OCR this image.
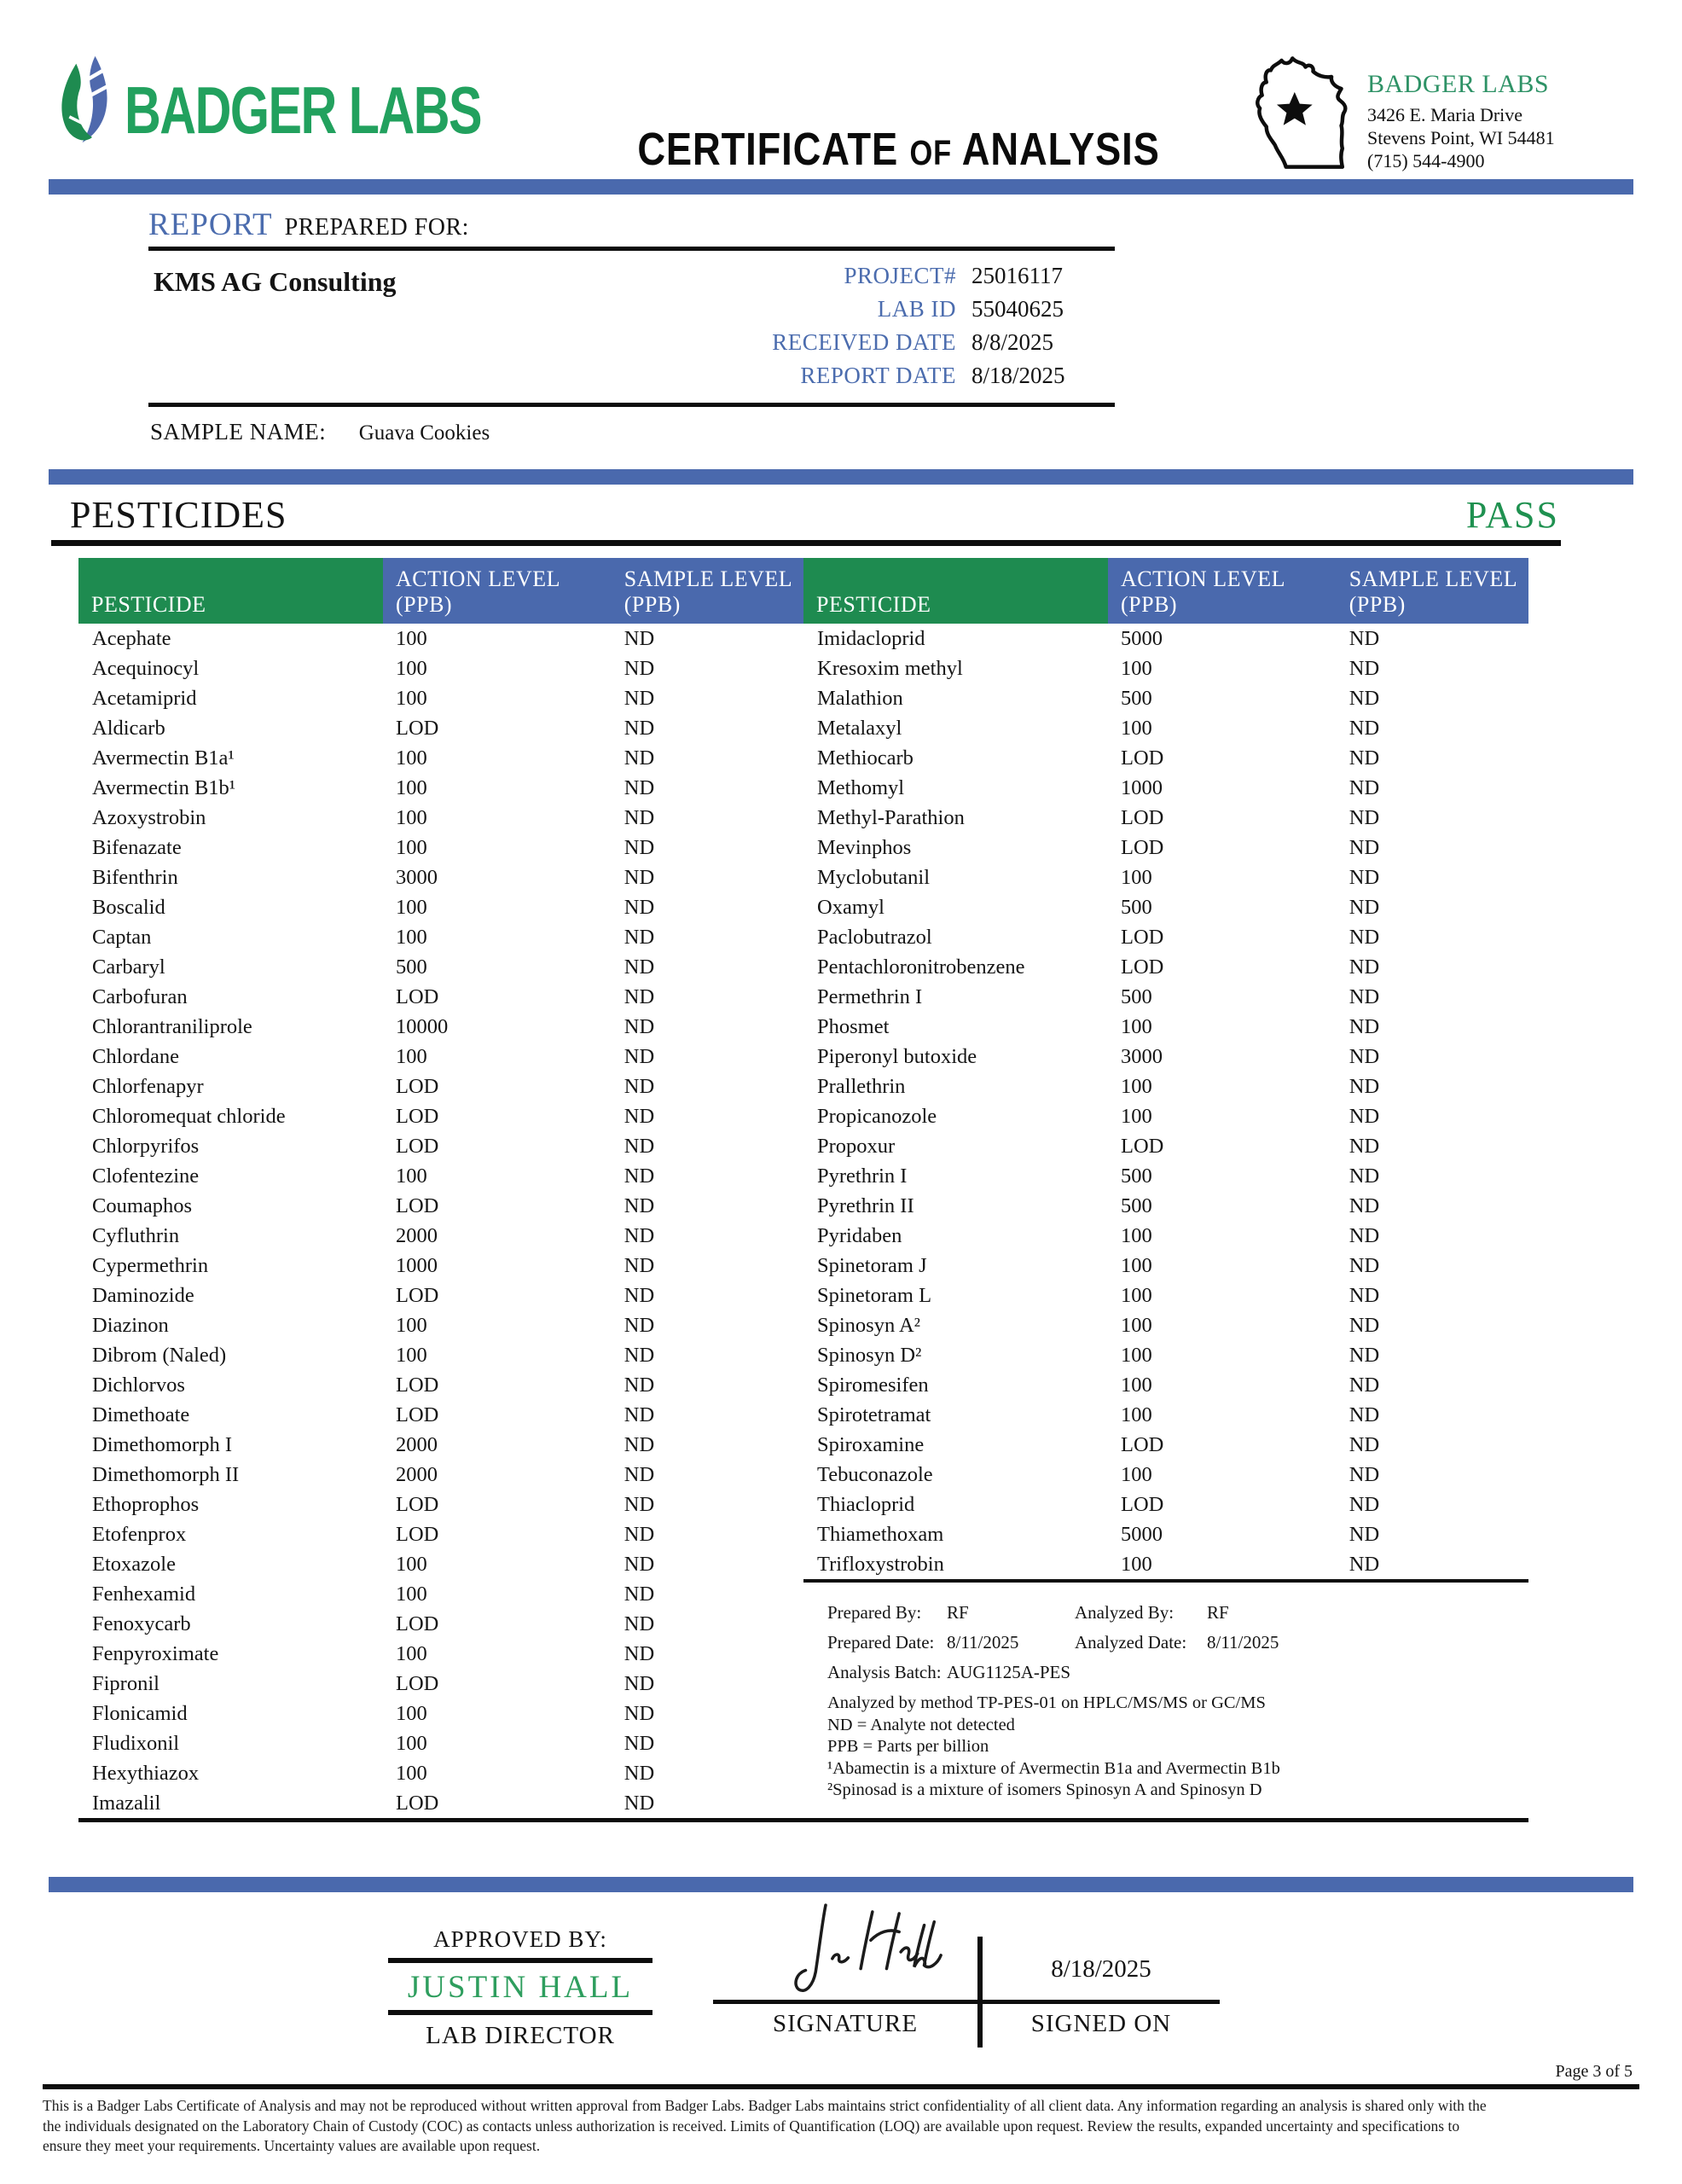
BADGER LABS
CERTIFICATE OF ANALYSIS
BADGER LABS
3426 E. Maria Drive
Stevens Point, WI 54481
(715) 544-4900
REPORT PREPARED FOR:
KMS AG Consulting	PROJECT# 25016117
LAB ID 55040625
RECEIVED DATE 8/8/2025
REPORT DATE 8/18/2025
SAMPLE NAME: Guava Cookies
PESTICIDES	PASS
PESTICIDE
ACTION LEVEL
(PPB)
SAMPLE LEVEL
(PPB)
Acephate	100	ND
Acequinocyl	100	ND
Acetamiprid	100	ND
Aldicarb	LOD	ND
Avermectin B1a¹	100	ND
Avermectin B1b¹	100	ND
Azoxystrobin	100	ND
Bifenazate	100	ND
Bifenthrin	3000	ND
Boscalid	100	ND
Captan	100	ND
Carbaryl	500	ND
Carbofuran	LOD	ND
Chlorantraniliprole	10000	ND
Chlordane	100	ND
Chlorfenapyr	LOD	ND
Chloromequat chloride	LOD	ND
Chlorpyrifos	LOD	ND
Clofentezine	100	ND
Coumaphos	LOD	ND
Cyfluthrin	2000	ND
Cypermethrin	1000	ND
Daminozide	LOD	ND
Diazinon	100	ND
Dibrom (Naled)	100	ND
Dichlorvos	LOD	ND
Dimethoate	LOD	ND
Dimethomorph I	2000	ND
Dimethomorph II	2000	ND
Ethoprophos	LOD	ND
Etofenprox	LOD	ND
Etoxazole	100	ND
Fenhexamid	100	ND
Fenoxycarb	LOD	ND
Fenpyroximate	100	ND
Fipronil	LOD	ND
Flonicamid	100	ND
Fludixonil	100	ND
Hexythiazox	100	ND
Imazalil	LOD	ND
PESTICIDE
ACTION LEVEL
(PPB)
SAMPLE LEVEL
(PPB)
Imidacloprid	5000	ND
Kresoxim methyl	100	ND
Malathion	500	ND
Metalaxyl	100	ND
Methiocarb	LOD	ND
Methomyl	1000	ND
Methyl-Parathion	LOD	ND
Mevinphos	LOD	ND
Myclobutanil	100	ND
Oxamyl	500	ND
Paclobutrazol	LOD	ND
Pentachloronitrobenzene	LOD	ND
Permethrin I	500	ND
Phosmet	100	ND
Piperonyl butoxide	3000	ND
Prallethrin	100	ND
Propicanozole	100	ND
Propoxur	LOD	ND
Pyrethrin I	500	ND
Pyrethrin II	500	ND
Pyridaben	100	ND
Spinetoram J	100	ND
Spinetoram L	100	ND
Spinosyn A²	100	ND
Spinosyn D²	100	ND
Spiromesifen	100	ND
Spirotetramat	100	ND
Spiroxamine	LOD	ND
Tebuconazole	100	ND
Thiacloprid	LOD	ND
Thiamethoxam	5000	ND
Trifloxystrobin	100	ND
Prepared By:	RF	Analyzed By:	RF
Prepared Date: 8/11/2025	Analyzed Date:	8/11/2025
Analysis Batch: AUG1125A-PES
Analyzed by method TP-PES-01 on HPLC/MS/MS or GC/MS
ND = Analyte not detected
PPB = Parts per billion
¹Abamectin is a mixture of Avermectin B1a and Avermectin B1b
²Spinosad is a mixture of isomers Spinosyn A and Spinosyn D
APPROVED BY:
JUSTIN HALL
LAB DIRECTOR	SIGNATURE
8/18/2025
SIGNED ON
Page 3 of 5
This is a Badger Labs Certificate of Analysis and may not be reproduced without written approval from Badger Labs. Badger Labs maintains strict confidentiality of all client data. Any information regarding an analysis is shared only with the
the individuals designated on the Laboratory Chain of Custody (COC) as contacts unless authorization is received. Limits of Quantification (LOQ) are available upon request. Review the results, expanded uncertainty and specifications to
ensure they meet your requirements. Uncertainty values are available upon request.
